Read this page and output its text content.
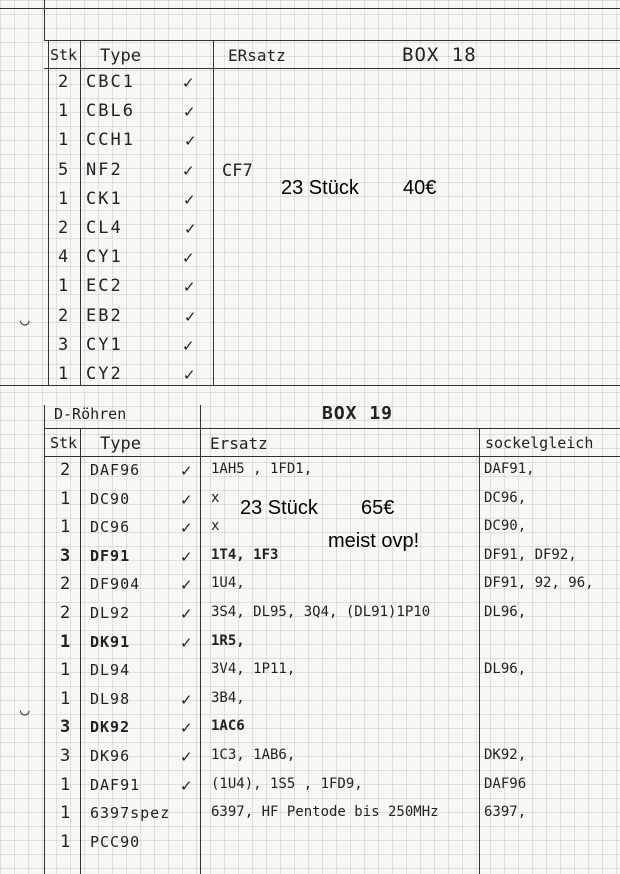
Stk Type	ERsatz	BOX 18
2 CBC1	✓
1 CBL6	✓
1 CCH1	✓
5 NF2	✓
1 CK1	✓
2 CL4	✓
4 CY1	✓
1 EC2	✓
2 EB2	✓
3 CY1	✓
1 CY2	✓
CF7
23 Stück 40€
D-Röhren	BOX 19
Stk Type	Ersatz	sockelgleich
2 DAF96	✓ 1AH5 , 1FD1,	DAF91,
1 DC90	✓ x	DC96,
1 DC96	✓ x	DC90,
3 DF91	✓ 1T4, 1F3	DF91, DF92,
2 DF904	✓ 1U4,	DF91, 92, 96,
2 DL92	✓ 3S4, DL95, 3Q4, (DL91)1P10	DL96,
1 DK91	✓ 1R5,
1 DL94	3V4, 1P11,	DL96,
1 DL98	✓ 3B4,
3 DK92	✓ 1AC6
3 DK96	✓ 1C3, 1AB6,	DK92,
1 DAF91	✓ (1U4), 1S5 , 1FD9,	DAF96
1 6397spez	6397, HF Pentode bis 250MHz	6397,
1 PCC90
23 Stück 65€
meist ovp!
◡
◡
